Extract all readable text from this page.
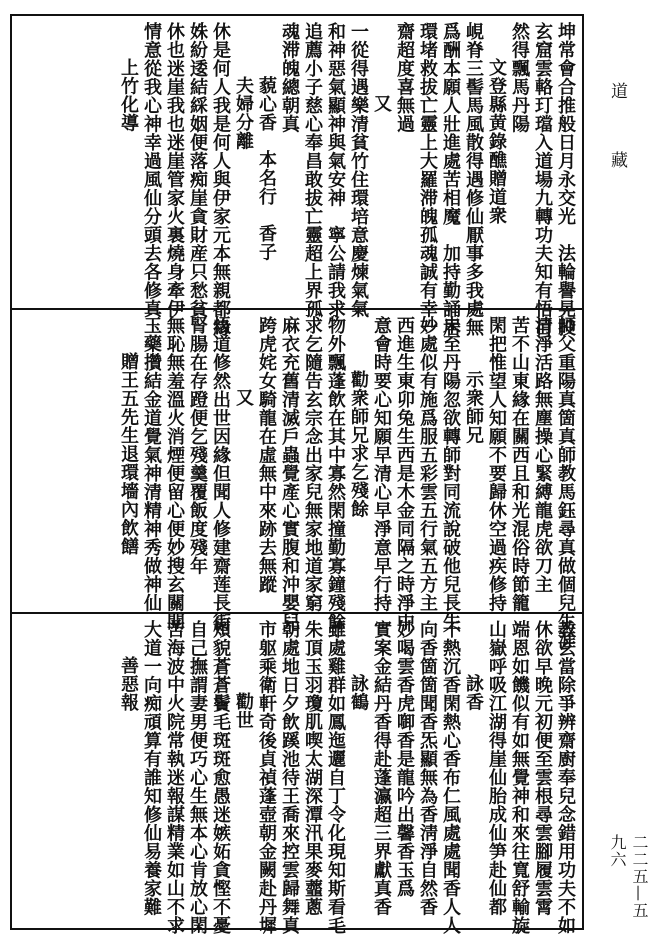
坤常會合推般日月永交光　法輪譽晃投
玄窟雲輅玎璫入道場九轉功夫知有悟目
然得飄馬丹陽
文登縣黄錄醮贈道衆
峴脊三髻馬風散得遇修仙厭事多我處無
爲酬本願人壯進處苦相魔　加持勤誦居
環堵救拔亡靈上大羅滞魄孤魂誠有幸一
齋超度喜無過
又
一從得遇樂清貧竹住環培意慶煉氣氣
和神惡氣顯神與氣安神　寧公請我求
追薦小子慈心奉昌敢拔亡靈超上界孤
魂滞魄總朝真
藐心香　本名行　香子
夫婦分離
休是何人我是何人與伊家元本無親都緣
姝紛逶結綵姻便落痴崖貪財産只愁貧
休也迷崖我也迷崖管家火裏燒身牽伊
情意從我心神幸過風仙分頭去各修真
上竹化導
師父重陽真箇真師教馬鈺尋真做個兒生涯
清淨活路無塵操心緊縛龍虎欲刀主
苦不山東緣在關西且和光混俗時節籠
閑把惟望人知願不要歸休空過疾修持
示衆師兄
未至丹陽忽欲轉師對同流說破他兒長生
妙處似有施爲服五彩雲五行氣五方主
西進生東卯兔生西是木金同隔之時淨中
意會時要心知願早清心早淨意早行持
勸衆師兄求乞殘餘
物外飄蓬飲在其中寡然閑撞勤寡鐘殘餘
求乞隨告玄宗念出家兒無家地道家窮
麻衣充舊清滅戶蟲覺產心實腹和沖嬰兒
跨虎姹女騎龍在虛無中來跡去無蹤
又
悟道修然出世因緣但聞人修建齋莲長街
腎腸在存蹬便乞殘羹覆飯度殘年
無恥無羞溫火消煙便留心便妙搜玄關開
玉藥攢結金道覺氣神清精神秀做神仙
贈王五先生退環墻內飲饍
教玄當除爭辨齋廚奉兒念錯用功夫不如
休欲早晚元初便至雲根尋雲腳履雲霄
端恩如饑似有如無覺神和來往寬舒輸旋
山嶽呼吸江湖得崖仙胎成仙笋赴仙都
詠香
不熱沉香閑熱心香布仁風處處聞香人人
向香箇箇聞香炁顯無為香淸淨自然香
妙喝雲香虎啣香是龍吟出馨香玉爲
實案金結丹香得赴蓬瀛超三界獻真香
詠鶴
雖處雞群如鳳迤邐自丁令化現知斯看毛
朱頂玉羽瓊肌喫太湖深潭汛果麥虀蔥
朝處地日夕飲蹊池待王喬來控雲歸舞真
市躯乘衛軒奇後貞禎蓬壺朝金闕赴丹墀
勸世
頰貌蒼蒼鬢毛斑斑愈愚迷嫉妬貪慳不憂
自己撫謂妻男便巧心生無本心肯放心閑
苦海波中火院常執迷報謀精業如山不求
大道一向痴頑算有誰知修仙易養家難
善惡報
道　　藏
二二五—五九六
